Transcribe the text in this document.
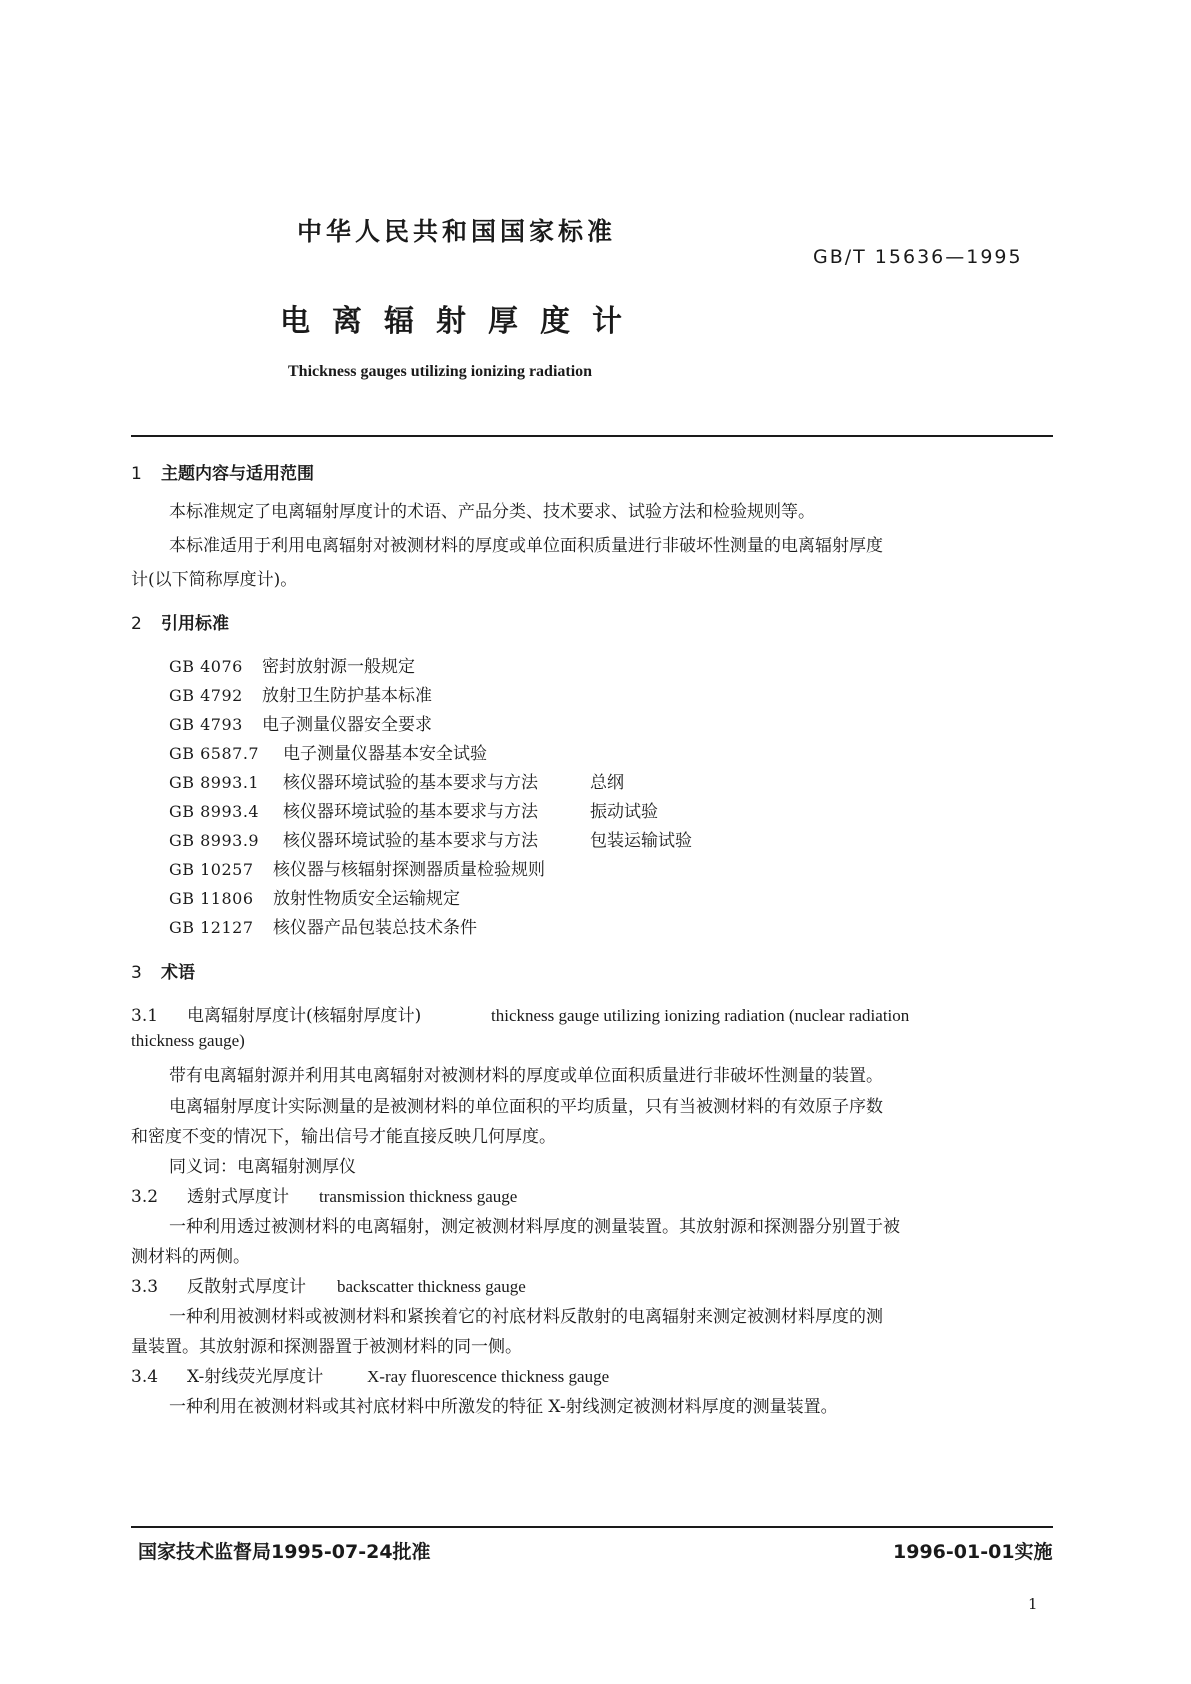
中华人民共和国国家标准
GB/T 15636—1995
电离辐射厚度计
Thickness gauges utilizing ionizing radiation
1 主题内容与适用范围
本标准规定了电离辐射厚度计的术语、产品分类、技术要求、试验方法和检验规则等。
本标准适用于利用电离辐射对被测材料的厚度或单位面积质量进行非破坏性测量的电离辐射厚度
计(以下简称厚度计)。
2 引用标准
GB 4076 密封放射源一般规定
GB 4792 放射卫生防护基本标准
GB 4793 电子测量仪器安全要求
GB 6587.7 电子测量仪器基本安全试验
GB 8993.1 核仪器环境试验的基本要求与方法	总纲
GB 8993.4 核仪器环境试验的基本要求与方法	振动试验
GB 8993.9 核仪器环境试验的基本要求与方法	包装运输试验
GB 10257 核仪器与核辐射探测器质量检验规则
GB 11806 放射性物质安全运输规定
GB 12127 核仪器产品包装总技术条件
3 术语
3.1 电离辐射厚度计(核辐射厚度计)	thickness gauge utilizing ionizing radiation (nuclear radiation
thickness gauge)
带有电离辐射源并利用其电离辐射对被测材料的厚度或单位面积质量进行非破坏性测量的装置。
电离辐射厚度计实际测量的是被测材料的单位面积的平均质量，只有当被测材料的有效原子序数
和密度不变的情况下，输出信号才能直接反映几何厚度。
同义词：电离辐射测厚仪
3.2 透射式厚度计 transmission thickness gauge
一种利用透过被测材料的电离辐射，测定被测材料厚度的测量装置。其放射源和探测器分别置于被
测材料的两侧。
3.3 反散射式厚度计 backscatter thickness gauge
一种利用被测材料或被测材料和紧挨着它的衬底材料反散射的电离辐射来测定被测材料厚度的测
量装置。其放射源和探测器置于被测材料的同一侧。
3.4 X-射线荧光厚度计	X-ray fluorescence thickness gauge
一种利用在被测材料或其衬底材料中所激发的特征 X-射线测定被测材料厚度的测量装置。
国家技术监督局1995-07-24批准	1996-01-01实施
1
